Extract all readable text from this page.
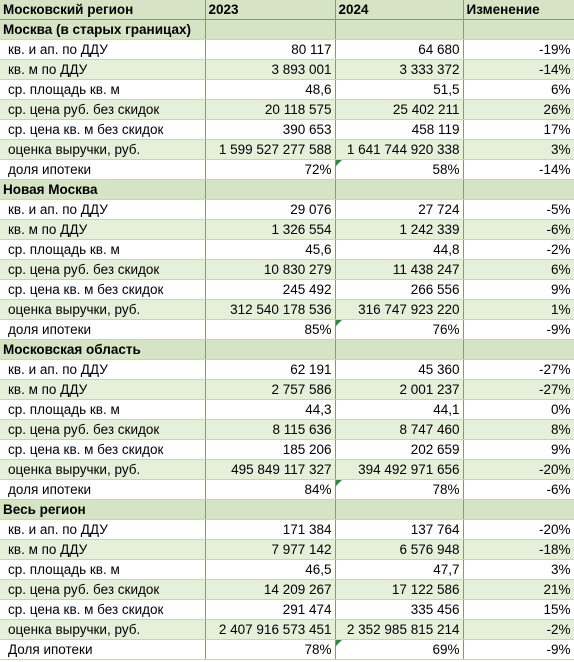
Московский регион	2023	2024	Изменение
Москва (в старых границах)			
кв. и ап. по ДДУ	80 117	64 680	-19%
кв. м по ДДУ	3 893 001	3 333 372	-14%
ср. площадь кв. м	48,6	51,5	6%
ср. цена руб. без скидок	20 118 575	25 402 211	26%
ср. цена кв. м без скидок	390 653	458 119	17%
оценка выручки, руб.	1 599 527 277 588	1 641 744 920 338	3%
доля ипотеки	72%	58%	-14%
Новая Москва			
кв. и ап. по ДДУ	29 076	27 724	-5%
кв. м по ДДУ	1 326 554	1 242 339	-6%
ср. площадь кв. м	45,6	44,8	-2%
ср. цена руб. без скидок	10 830 279	11 438 247	6%
ср. цена кв. м без скидок	245 492	266 556	9%
оценка выручки, руб.	312 540 178 536	316 747 923 220	1%
доля ипотеки	85%	76%	-9%
Московская область			
кв. и ап. по ДДУ	62 191	45 360	-27%
кв. м по ДДУ	2 757 586	2 001 237	-27%
ср. площадь кв. м	44,3	44,1	0%
ср. цена руб. без скидок	8 115 636	8 747 460	8%
ср. цена кв. м без скидок	185 206	202 659	9%
оценка выручки, руб.	495 849 117 327	394 492 971 656	-20%
доля ипотеки	84%	78%	-6%
Весь регион			
кв. и ап. по ДДУ	171 384	137 764	-20%
кв. м по ДДУ	7 977 142	6 576 948	-18%
ср. площадь кв. м	46,5	47,7	3%
ср. цена руб. без скидок	14 209 267	17 122 586	21%
ср. цена кв. м без скидок	291 474	335 456	15%
оценка выручки, руб.	2 407 916 573 451	2 352 985 815 214	-2%
Доля ипотеки	78%	69%	-9%
